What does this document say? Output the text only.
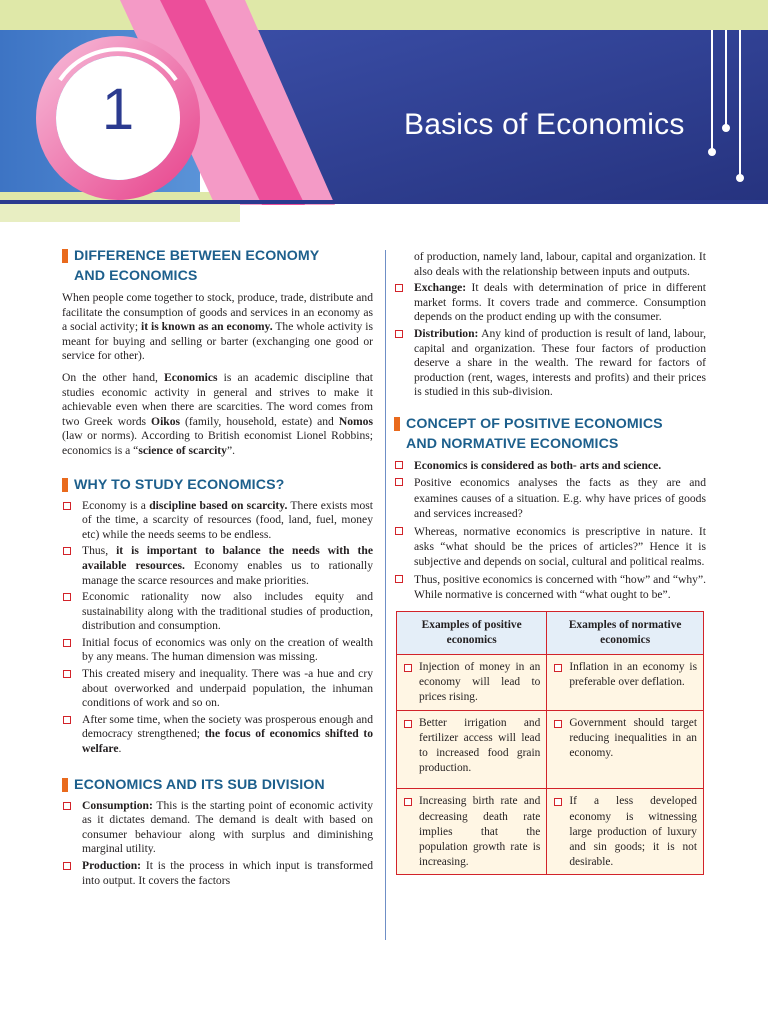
1	Basics of Economics
DIFFERENCE BETWEEN ECONOMY
AND ECONOMICS

When people come together to stock, produce, trade, distribute and facilitate the consumption of goods and services in an economy as a social activity; it is known as an economy. The whole activity is meant for buying and selling or barter (exchanging one good or service for other).

On the other hand, Economics is an academic discipline that studies economic activity in general and strives to make it achievable even when there are scarcities. The word comes from two Greek words Oikos (family, household, estate) and Nomos (law or norms). According to British economist Lionel Robbins; economics is a “science of scarcity”.

WHY TO STUDY ECONOMICS?
Economy is a discipline based on scarcity. There exists most of the time, a scarcity of resources (food, land, fuel, money etc) while the needs seems to be endless.
Thus, it is important to balance the needs with the available resources. Economy enables us to rationally manage the scarce resources and make priorities.
Economic rationality now also includes equity and sustainability along with the traditional studies of production, distribution and consumption.
Initial focus of economics was only on the creation of wealth by any means. The human dimension was missing.
This created misery and inequality. There was -a hue and cry about overworked and underpaid population, the inhuman conditions of work and so on.
After some time, when the society was prosperous enough and democracy strengthened; the focus of economics shifted to welfare.
ECONOMICS AND ITS SUB DIVISION
Consumption: This is the starting point of economic activity as it dictates demand. The demand is dealt with based on consumer behaviour along with surplus and diminishing marginal utility.
Production: It is the process in which input is transformed into output. It covers the factors
of production, namely land, labour, capital and organization. It also deals with the relationship between inputs and outputs.
Exchange: It deals with determination of price in different market forms. It covers trade and commerce. Consumption depends on the product ending up with the consumer.
Distribution: Any kind of production is result of land, labour, capital and organization. These four factors of production deserve a share in the wealth. The reward for factors of production (rent, wages, interests and profits) and their prices is studied in this sub-division.
CONCEPT OF POSITIVE ECONOMICS
AND NORMATIVE ECONOMICS
Economics is considered as both- arts and science.
Positive economics analyses the facts as they are and examines causes of a situation. E.g. why have prices of goods and services increased?
Whereas, normative economics is prescriptive in nature. It asks “what should be the prices of articles?” Hence it is subjective and depends on social, cultural and political realms.
Thus, positive economics is concerned with “how” and “why”. While normative is concerned with “what ought to be”.
Examples of positive economics	Examples of normative economics

Injection of money in an economy will lead to prices rising.	Inflation in an economy is preferable over deflation.

Better irrigation and fertilizer access will lead to increased food grain production.	Government should target reducing inequalities in an economy.

Increasing birth rate and decreasing death rate implies that the population growth rate is increasing.	If a less developed economy is witnessing large production of luxury and sin goods; it is not desirable.
